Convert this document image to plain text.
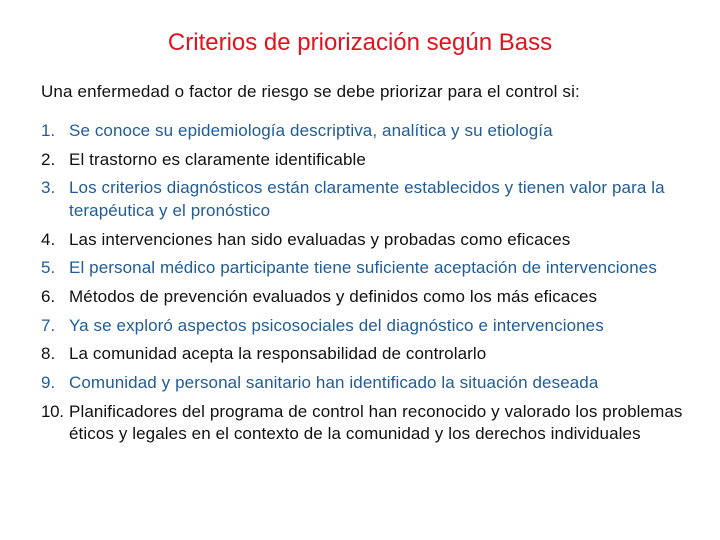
Criterios de priorización según Bass
Una enfermedad o factor de riesgo se debe priorizar para el control si:
1. Se conoce su epidemiología descriptiva, analítica y su etiología
2. El trastorno es claramente identificable
3. Los criterios diagnósticos están claramente establecidos y tienen valor para la terapéutica y el pronóstico
4. Las intervenciones han sido evaluadas y probadas como eficaces
5. El personal médico participante tiene suficiente aceptación de intervenciones
6. Métodos de prevención evaluados y definidos como los más eficaces
7. Ya se exploró aspectos psicosociales del diagnóstico e intervenciones
8. La comunidad acepta la responsabilidad de controlarlo
9. Comunidad y personal sanitario han identificado la situación deseada
10. Planificadores del programa de control han reconocido y valorado los problemas éticos y legales en el contexto de la comunidad y los derechos individuales
